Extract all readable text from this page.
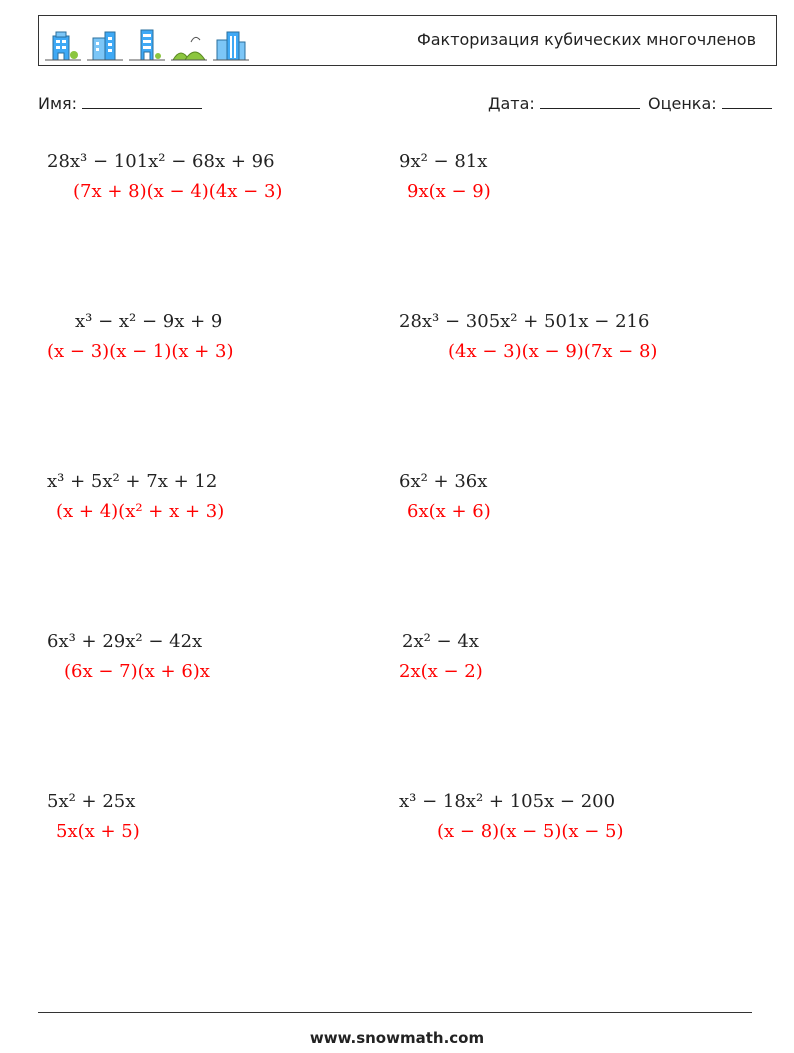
Факторизация кубических многочленов
Имя:	Дата:	Оценка:
28x³ − 101x² − 68x + 96
(7x + 8)(x − 4)(4x − 3)
9x² − 81x
9x(x − 9)
x³ − x² − 9x + 9
(x − 3)(x − 1)(x + 3)
28x³ − 305x² + 501x − 216
(4x − 3)(x − 9)(7x − 8)
x³ + 5x² + 7x + 12
(x + 4)(x² + x + 3)
6x² + 36x
6x(x + 6)
6x³ + 29x² − 42x
(6x − 7)(x + 6)x
2x² − 4x
2x(x − 2)
5x² + 25x
5x(x + 5)
x³ − 18x² + 105x − 200
(x − 8)(x − 5)(x − 5)
www.snowmath.com
